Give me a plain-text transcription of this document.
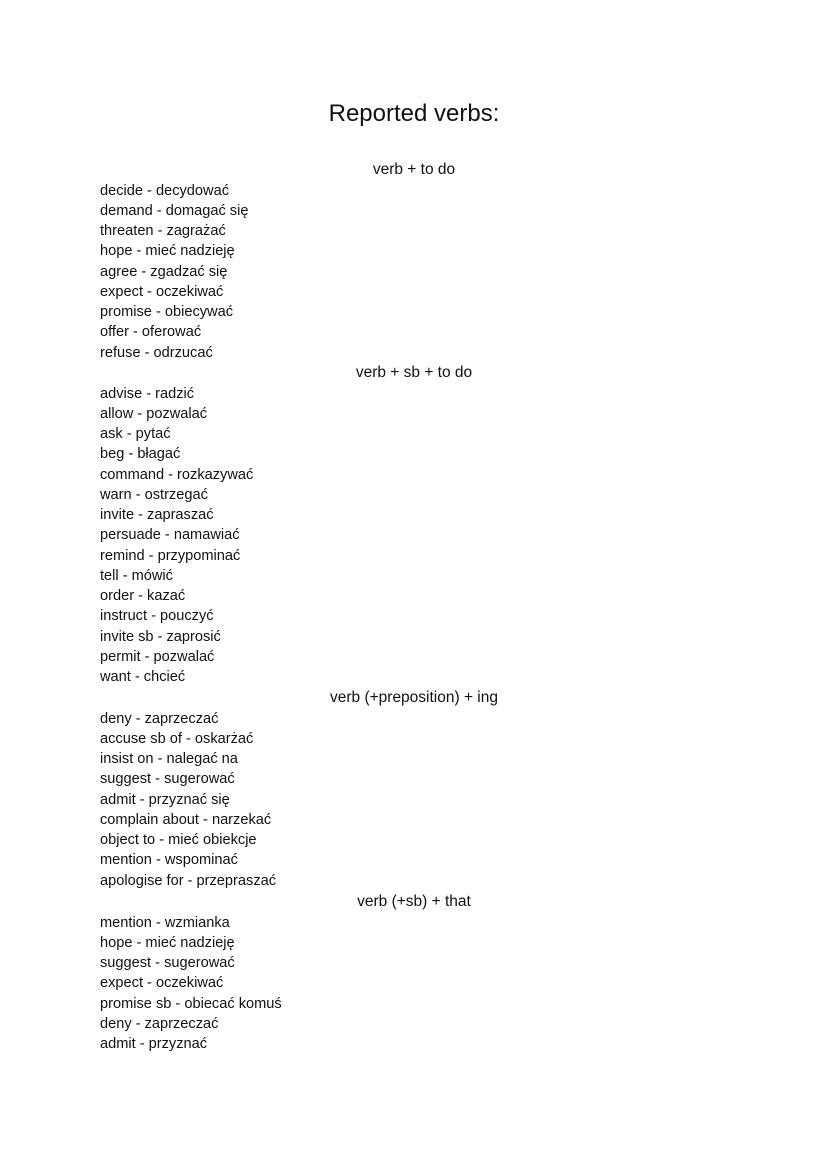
Reported verbs:
verb + to do
decide - decydować
demand - domagać się
threaten - zagrażać
hope - mieć nadzieję
agree - zgadzać się
expect - oczekiwać
promise - obiecywać
offer - oferować
refuse - odrzucać
verb + sb + to do
advise - radzić
allow - pozwalać
ask - pytać
beg - błagać
command - rozkazywać
warn - ostrzegać
invite - zapraszać
persuade - namawiać
remind - przypominać
tell - mówić
order - kazać
instruct - pouczyć
invite sb - zaprosić
permit - pozwalać
want - chcieć
verb (+preposition) + ing
deny - zaprzeczać
accuse sb of - oskarżać
insist on - nalegać na
suggest - sugerować
admit - przyznać się
complain about - narzekać
object to - mieć obiekcje
mention - wspominać
apologise for - przepraszać
verb (+sb) + that
mention - wzmianka
hope - mieć nadzieję
suggest - sugerować
expect - oczekiwać
promise sb - obiecać komuś
deny - zaprzeczać
admit - przyznać
